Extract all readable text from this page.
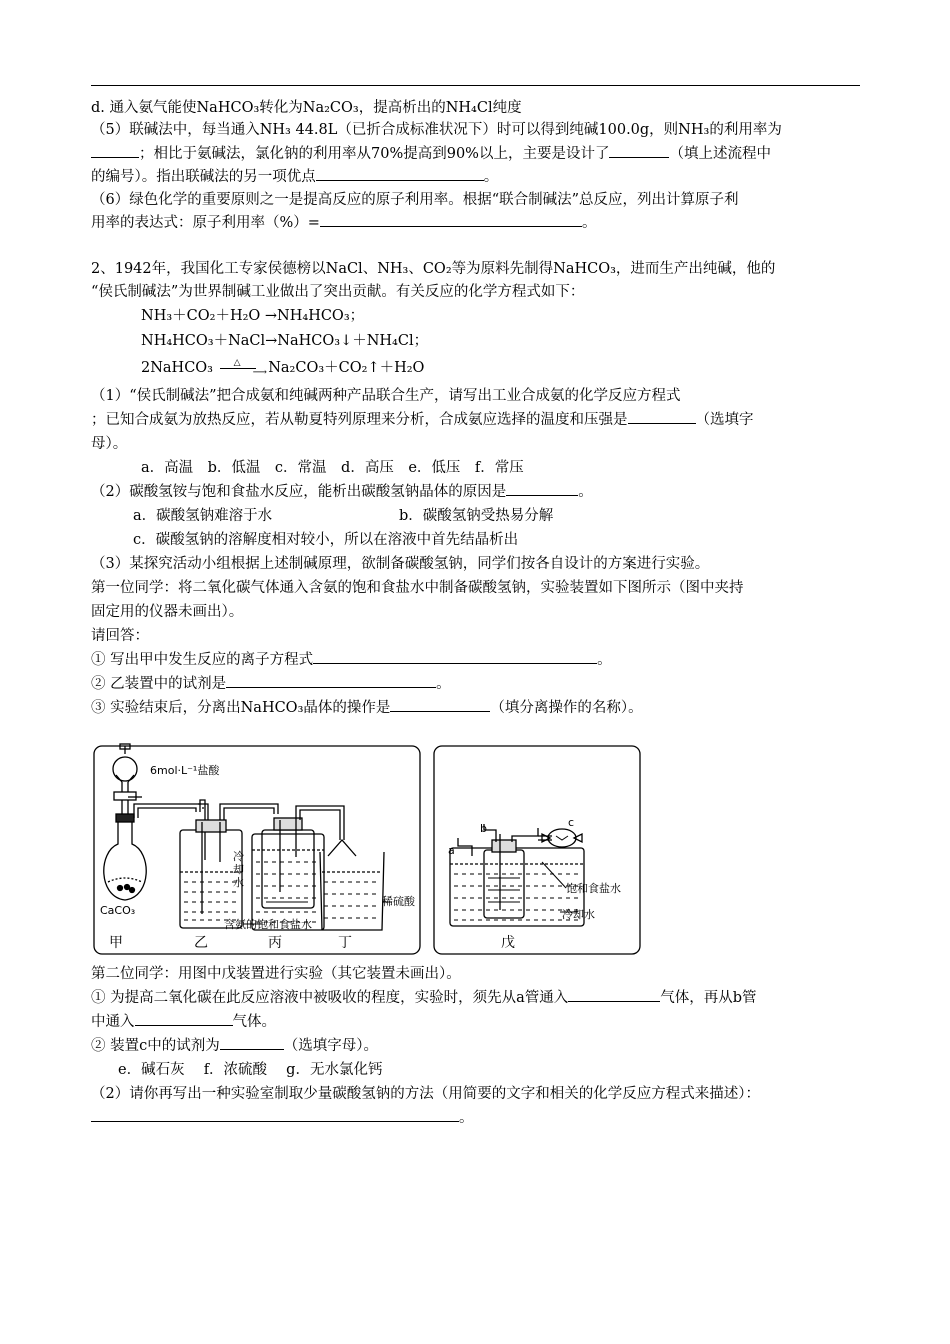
d. 通入氨气能使NaHCO₃转化为Na₂CO₃，提高析出的NH₄Cl纯度
（5）联碱法中，每当通入NH₃ 44.8L（已折合成标准状况下）时可以得到纯碱100.0g，则NH₃的利用率为
；相比于氨碱法，氯化钠的利用率从70%提高到90%以上，主要是设计了	（填上述流程中
的编号）。指出联碱法的另一项优点	。
（6）绿色化学的重要原则之一是提高反应的原子利用率。根据“联合制碱法”总反应，列出计算原子利
用率的表达式：原子利用率（%）=	。
2、1942年，我国化工专家侯德榜以NaCl、NH₃、CO₂等为原料先制得NaHCO₃，进而生产出纯碱，他的
“侯氏制碱法”为世界制碱工业做出了突出贡献。有关反应的化学方程式如下：
NH₃＋CO₂＋H₂O →NH₄HCO₃；
NH₄HCO₃＋NaCl→NaHCO₃↓＋NH₄Cl；
2NaHCO₃ △
⟶ Na₂CO₃＋CO₂↑＋H₂O
（1）“侯氏制碱法”把合成氨和纯碱两种产品联合生产，请写出工业合成氨的化学反应方程式
；已知合成氨为放热反应，若从勒夏特列原理来分析，合成氨应选择的温度和压强是	（选填字
母）。
a．高温　b．低温　c．常温　d．高压　e．低压　f．常压
（2）碳酸氢铵与饱和食盐水反应，能析出碳酸氢钠晶体的原因是	。
a．碳酸氢钠难溶于水	b．碳酸氢钠受热易分解
c．碳酸氢钠的溶解度相对较小，所以在溶液中首先结晶析出
（3）某探究活动小组根据上述制碱原理，欲制备碳酸氢钠，同学们按各自设计的方案进行实验。
第一位同学：将二氧化碳气体通入含氨的饱和食盐水中制备碳酸氢钠，实验装置如下图所示（图中夹持
固定用的仪器未画出）。
请回答：
① 写出甲中发生反应的离子方程式	。
② 乙装置中的试剂是	。
③ 实验结束后，分离出NaHCO₃晶体的操作是	（填分离操作的名称）。
6mol·L⁻¹盐酸
CaCO₃
冷
却
水
含氨的饱和食盐水
稀硫酸
甲	乙	丙	丁	戊
a
b	c
饱和食盐水
冷却水
第二位同学：用图中戊装置进行实验（其它装置未画出）。
① 为提高二氧化碳在此反应溶液中被吸收的程度，实验时，须先从a管通入	气体，再从b管
中通入	气体。
② 装置c中的试剂为	（选填字母）。
e．碱石灰　 f．浓硫酸　 g．无水氯化钙
（2）请你再写出一种实验室制取少量碳酸氢钠的方法（用简要的文字和相关的化学反应方程式来描述）：
。
